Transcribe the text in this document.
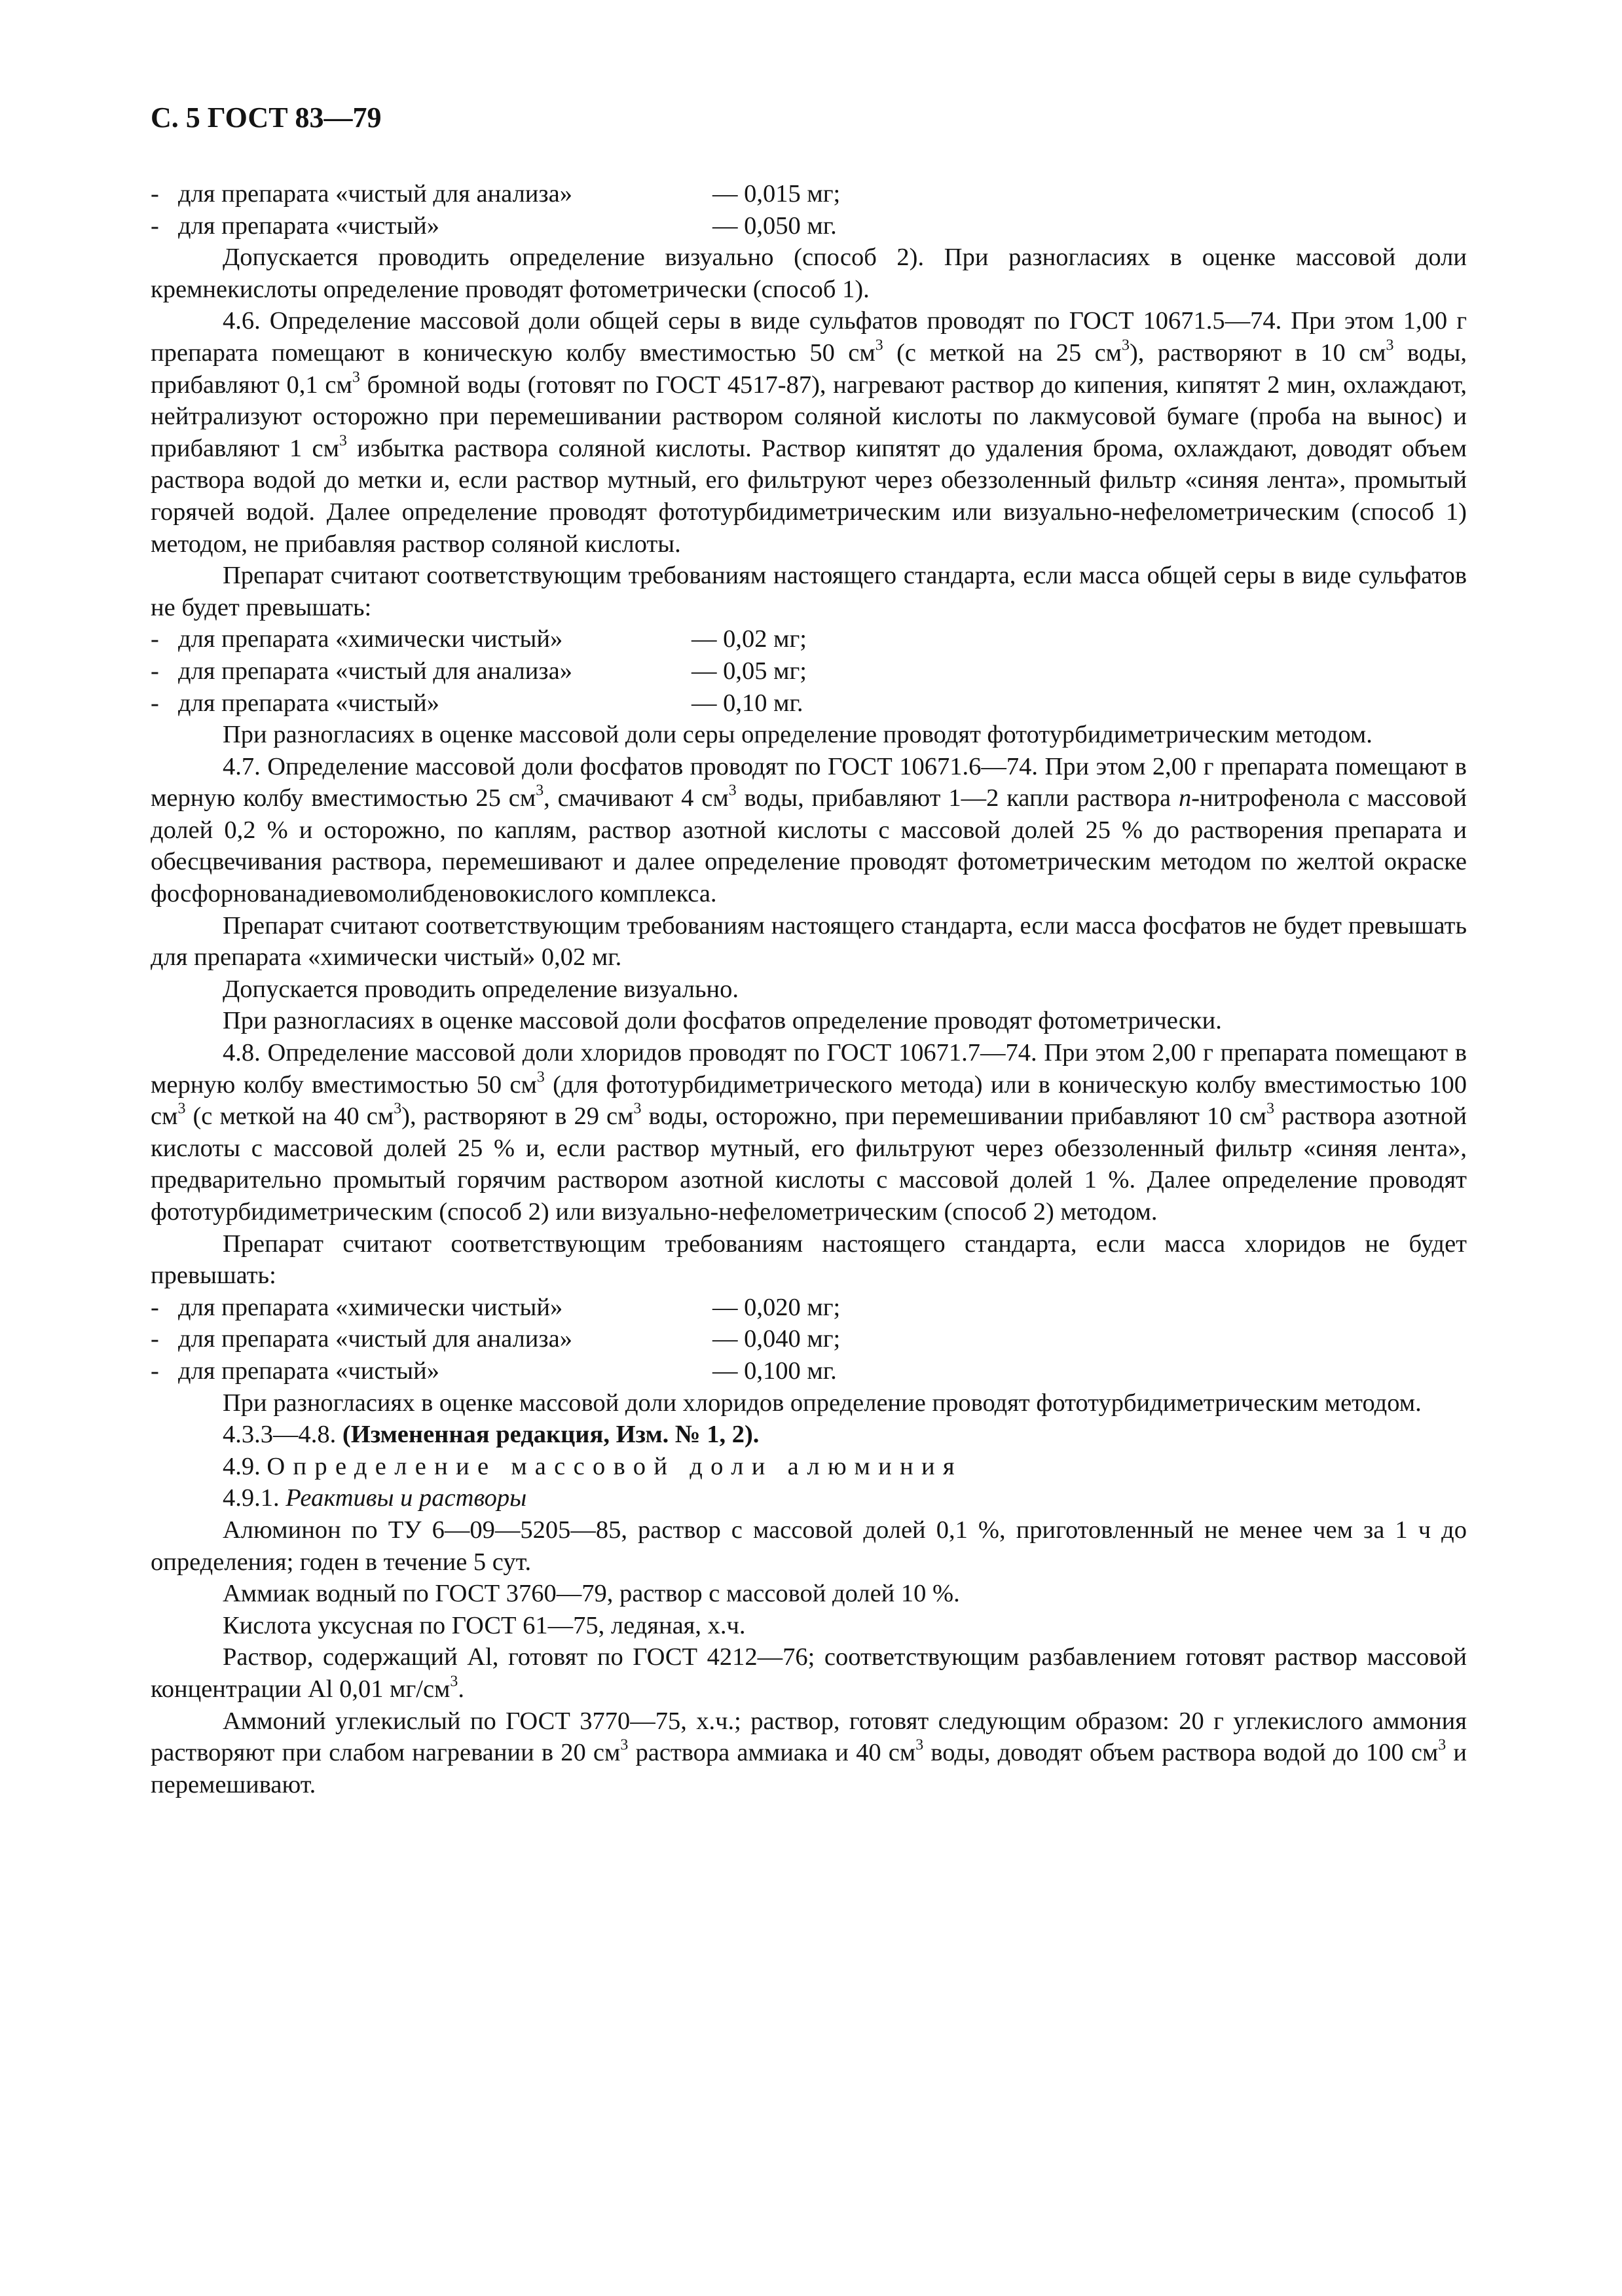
С. 5 ГОСТ 83—79
- для препарата «чистый для анализа»	— 0,015 мг;
- для препарата «чистый»	— 0,050 мг.

Допускается проводить определение визуально (способ 2). При разногласиях в оценке массовой доли кремнекислоты определение проводят фотометрически (способ 1).

4.6. Определение массовой доли общей серы в виде сульфатов проводят по ГОСТ 10671.5—74. При этом 1,00 г препарата помещают в коническую колбу вместимостью 50 $см^3$ (с меткой на 25 $см^3$), растворяют в 10 $см^3$ воды, прибавляют 0,1 $см^3$ бромной воды (готовят по ГОСТ 4517-87), нагревают раствор до кипения, кипятят 2 мин, охлаждают, нейтрализуют осторожно при перемешивании раствором соляной кислоты по лакмусовой бумаге (проба на вынос) и прибавляют 1 $см^3$ избытка раствора соляной кислоты. Раствор кипятят до удаления брома, охлаждают, доводят объем раствора водой до метки и, если раствор мутный, его фильтруют через обеззоленный фильтр «синяя лента», промытый горячей водой. Далее определение проводят фототурбидиметрическим или визуально-нефелометрическим (способ 1) методом, не прибавляя раствор соляной кислоты.

Препарат считают соответствующим требованиям настоящего стандарта, если масса общей серы в виде сульфатов не будет превышать:

- для препарата «химически чистый»	— 0,02 мг;
- для препарата «чистый для анализа»	— 0,05 мг;
- для препарата «чистый»	— 0,10 мг.

При разногласиях в оценке массовой доли серы определение проводят фототурбидиметрическим методом.

4.7. Определение массовой доли фосфатов проводят по ГОСТ 10671.6—74. При этом 2,00 г препарата помещают в мерную колбу вместимостью 25 $см^3$, смачивают 4 $см^3$ воды, прибавляют 1—2 капли раствора n-нитрофенола с массовой долей 0,2 % и осторожно, по каплям, раствор азотной кислоты с массовой долей 25 % до растворения препарата и обесцвечивания раствора, перемешивают и далее определение проводят фотометрическим методом по желтой окраске фосфорнованадиевомолибденовокислого комплекса.

Препарат считают соответствующим требованиям настоящего стандарта, если масса фосфатов не будет превышать для препарата «химически чистый» 0,02 мг.

Допускается проводить определение визуально.

При разногласиях в оценке массовой доли фосфатов определение проводят фотометрически.

4.8. Определение массовой доли хлоридов проводят по ГОСТ 10671.7—74. При этом 2,00 г препарата помещают в мерную колбу вместимостью 50 $см^3$ (для фототурбидиметрического метода) или в коническую колбу вместимостью 100 $см^3$ (с меткой на 40 $см^3$), растворяют в 29 $см^3$ воды, осторожно, при перемешивании прибавляют 10 $см^3$ раствора азотной кислоты с массовой долей 25 % и, если раствор мутный, его фильтруют через обеззоленный фильтр «синяя лента», предварительно промытый горячим раствором азотной кислоты с массовой долей 1 %. Далее определение проводят фототурбидиметрическим (способ 2) или визуально-нефелометрическим (способ 2) методом.

Препарат считают соответствующим требованиям настоящего стандарта, если масса хлоридов не будет превышать:

- для препарата «химически чистый»	— 0,020 мг;
- для препарата «чистый для анализа»	— 0,040 мг;
- для препарата «чистый»	— 0,100 мг.

При разногласиях в оценке массовой доли хлоридов определение проводят фототурбидиметрическим методом.

4.3.3—4.8. (Измененная редакция, Изм. № 1, 2).

4.9. Определение массовой доли алюминия

4.9.1. Реактивы и растворы

Алюминон по ТУ 6—09—5205—85, раствор с массовой долей 0,1 %, приготовленный не менее чем за 1 ч до определения; годен в течение 5 сут.

Аммиак водный по ГОСТ 3760—79, раствор с массовой долей 10 %.

Кислота уксусная по ГОСТ 61—75, ледяная, х.ч.

Раствор, содержащий Al, готовят по ГОСТ 4212—76; соответствующим разбавлением готовят раствор массовой концентрации Al 0,01 $мг/см^3$.

Аммоний углекислый по ГОСТ 3770—75, х.ч.; раствор, готовят следующим образом: 20 г углекислого аммония растворяют при слабом нагревании в 20 $см^3$ раствора аммиака и 40 $см^3$ воды, доводят объем раствора водой до 100 $см^3$ и перемешивают.
